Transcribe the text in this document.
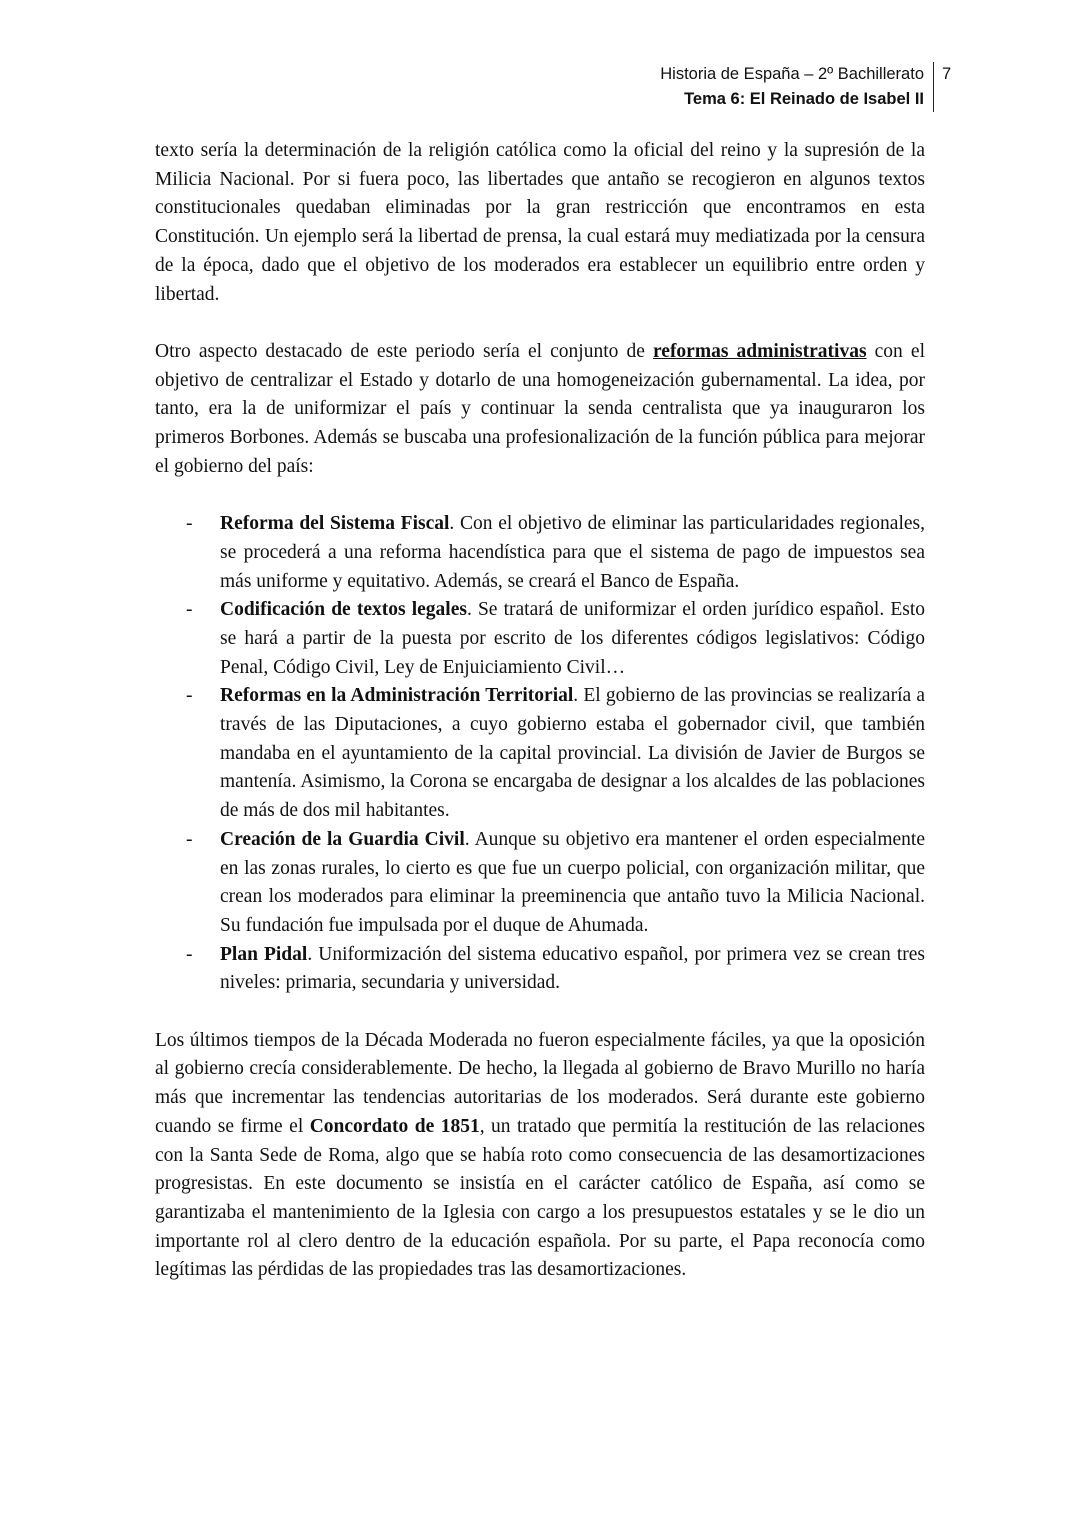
Historia de España – 2º Bachillerato
Tema 6: El Reinado de Isabel II
7

texto sería la determinación de la religión católica como la oficial del reino y la supresión de la Milicia Nacional. Por si fuera poco, las libertades que antaño se recogieron en algunos textos constitucionales quedaban eliminadas por la gran restricción que encontramos en esta Constitución. Un ejemplo será la libertad de prensa, la cual estará muy mediatizada por la censura de la época, dado que el objetivo de los moderados era establecer un equilibrio entre orden y libertad.

Otro aspecto destacado de este periodo sería el conjunto de reformas administrativas con el objetivo de centralizar el Estado y dotarlo de una homogeneización gubernamental. La idea, por tanto, era la de uniformizar el país y continuar la senda centralista que ya inauguraron los primeros Borbones. Además se buscaba una profesionalización de la función pública para mejorar el gobierno del país:

- Reforma del Sistema Fiscal. Con el objetivo de eliminar las particularidades regionales, se procederá a una reforma hacendística para que el sistema de pago de impuestos sea más uniforme y equitativo. Además, se creará el Banco de España.
- Codificación de textos legales. Se tratará de uniformizar el orden jurídico español. Esto se hará a partir de la puesta por escrito de los diferentes códigos legislativos: Código Penal, Código Civil, Ley de Enjuiciamiento Civil…
- Reformas en la Administración Territorial. El gobierno de las provincias se realizaría a través de las Diputaciones, a cuyo gobierno estaba el gobernador civil, que también mandaba en el ayuntamiento de la capital provincial. La división de Javier de Burgos se mantenía. Asimismo, la Corona se encargaba de designar a los alcaldes de las poblaciones de más de dos mil habitantes.
- Creación de la Guardia Civil. Aunque su objetivo era mantener el orden especialmente en las zonas rurales, lo cierto es que fue un cuerpo policial, con organización militar, que crean los moderados para eliminar la preeminencia que antaño tuvo la Milicia Nacional. Su fundación fue impulsada por el duque de Ahumada.
- Plan Pidal. Uniformización del sistema educativo español, por primera vez se crean tres niveles: primaria, secundaria y universidad.

Los últimos tiempos de la Década Moderada no fueron especialmente fáciles, ya que la oposición al gobierno crecía considerablemente. De hecho, la llegada al gobierno de Bravo Murillo no haría más que incrementar las tendencias autoritarias de los moderados. Será durante este gobierno cuando se firme el Concordato de 1851, un tratado que permitía la restitución de las relaciones con la Santa Sede de Roma, algo que se había roto como consecuencia de las desamortizaciones progresistas. En este documento se insistía en el carácter católico de España, así como se garantizaba el mantenimiento de la Iglesia con cargo a los presupuestos estatales y se le dio un importante rol al clero dentro de la educación española. Por su parte, el Papa reconocía como legítimas las pérdidas de las propiedades tras las desamortizaciones.
